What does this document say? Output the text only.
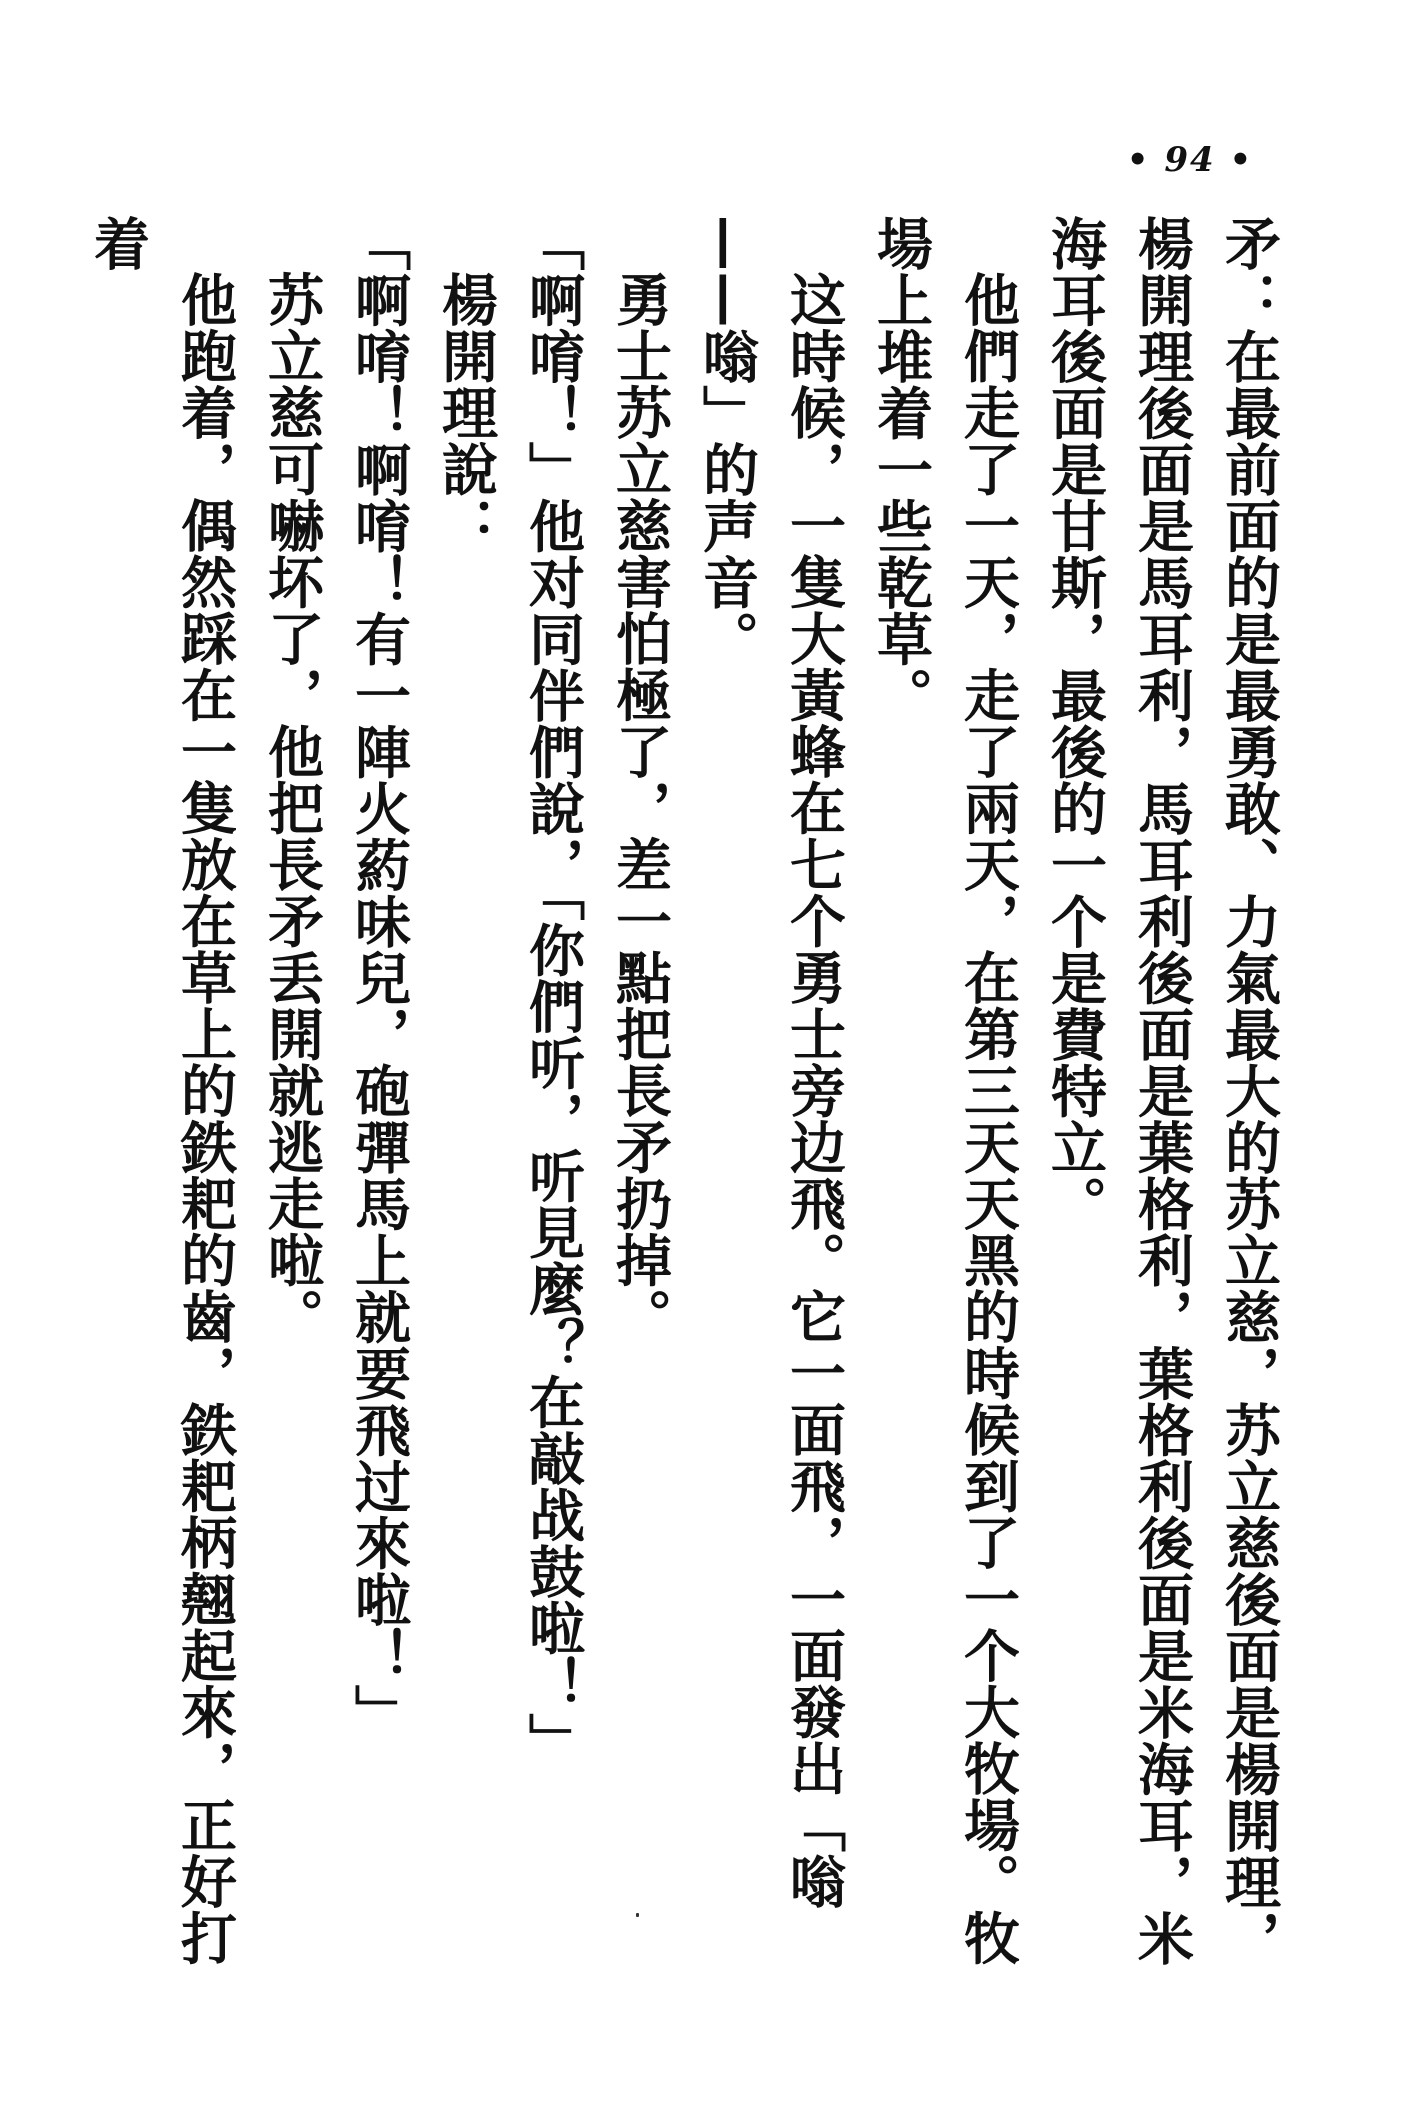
• 94 •

矛：在最前面的是最勇敢、力氣最大的苏立慈，苏立慈後面是楊開理，楊開理後面是馬耳利，馬耳利後面是葉格利，葉格利後面是米海耳，米海耳後面是甘斯，最後的一个是費特立。

他們走了一天，走了兩天，在第三天天黑的時候到了一个大牧場。牧場上堆着一些乾草。

这時候，一隻大黃蜂在七个勇士旁边飛。它一面飛，一面發出「嗡——嗡」的声音。

勇士苏立慈害怕極了，差一點把長矛扔掉。

「啊唷！」他对同伴們說，「你們听，听見麼？在敲战鼓啦！」

楊開理說：

「啊唷！啊唷！有一陣火葯味兒，砲彈馬上就要飛过來啦！」

苏立慈可嚇坏了，他把長矛丢開就逃走啦。

他跑着，偶然踩在一隻放在草上的鉄耙的齒，鉄耙柄翹起來，正好打着
